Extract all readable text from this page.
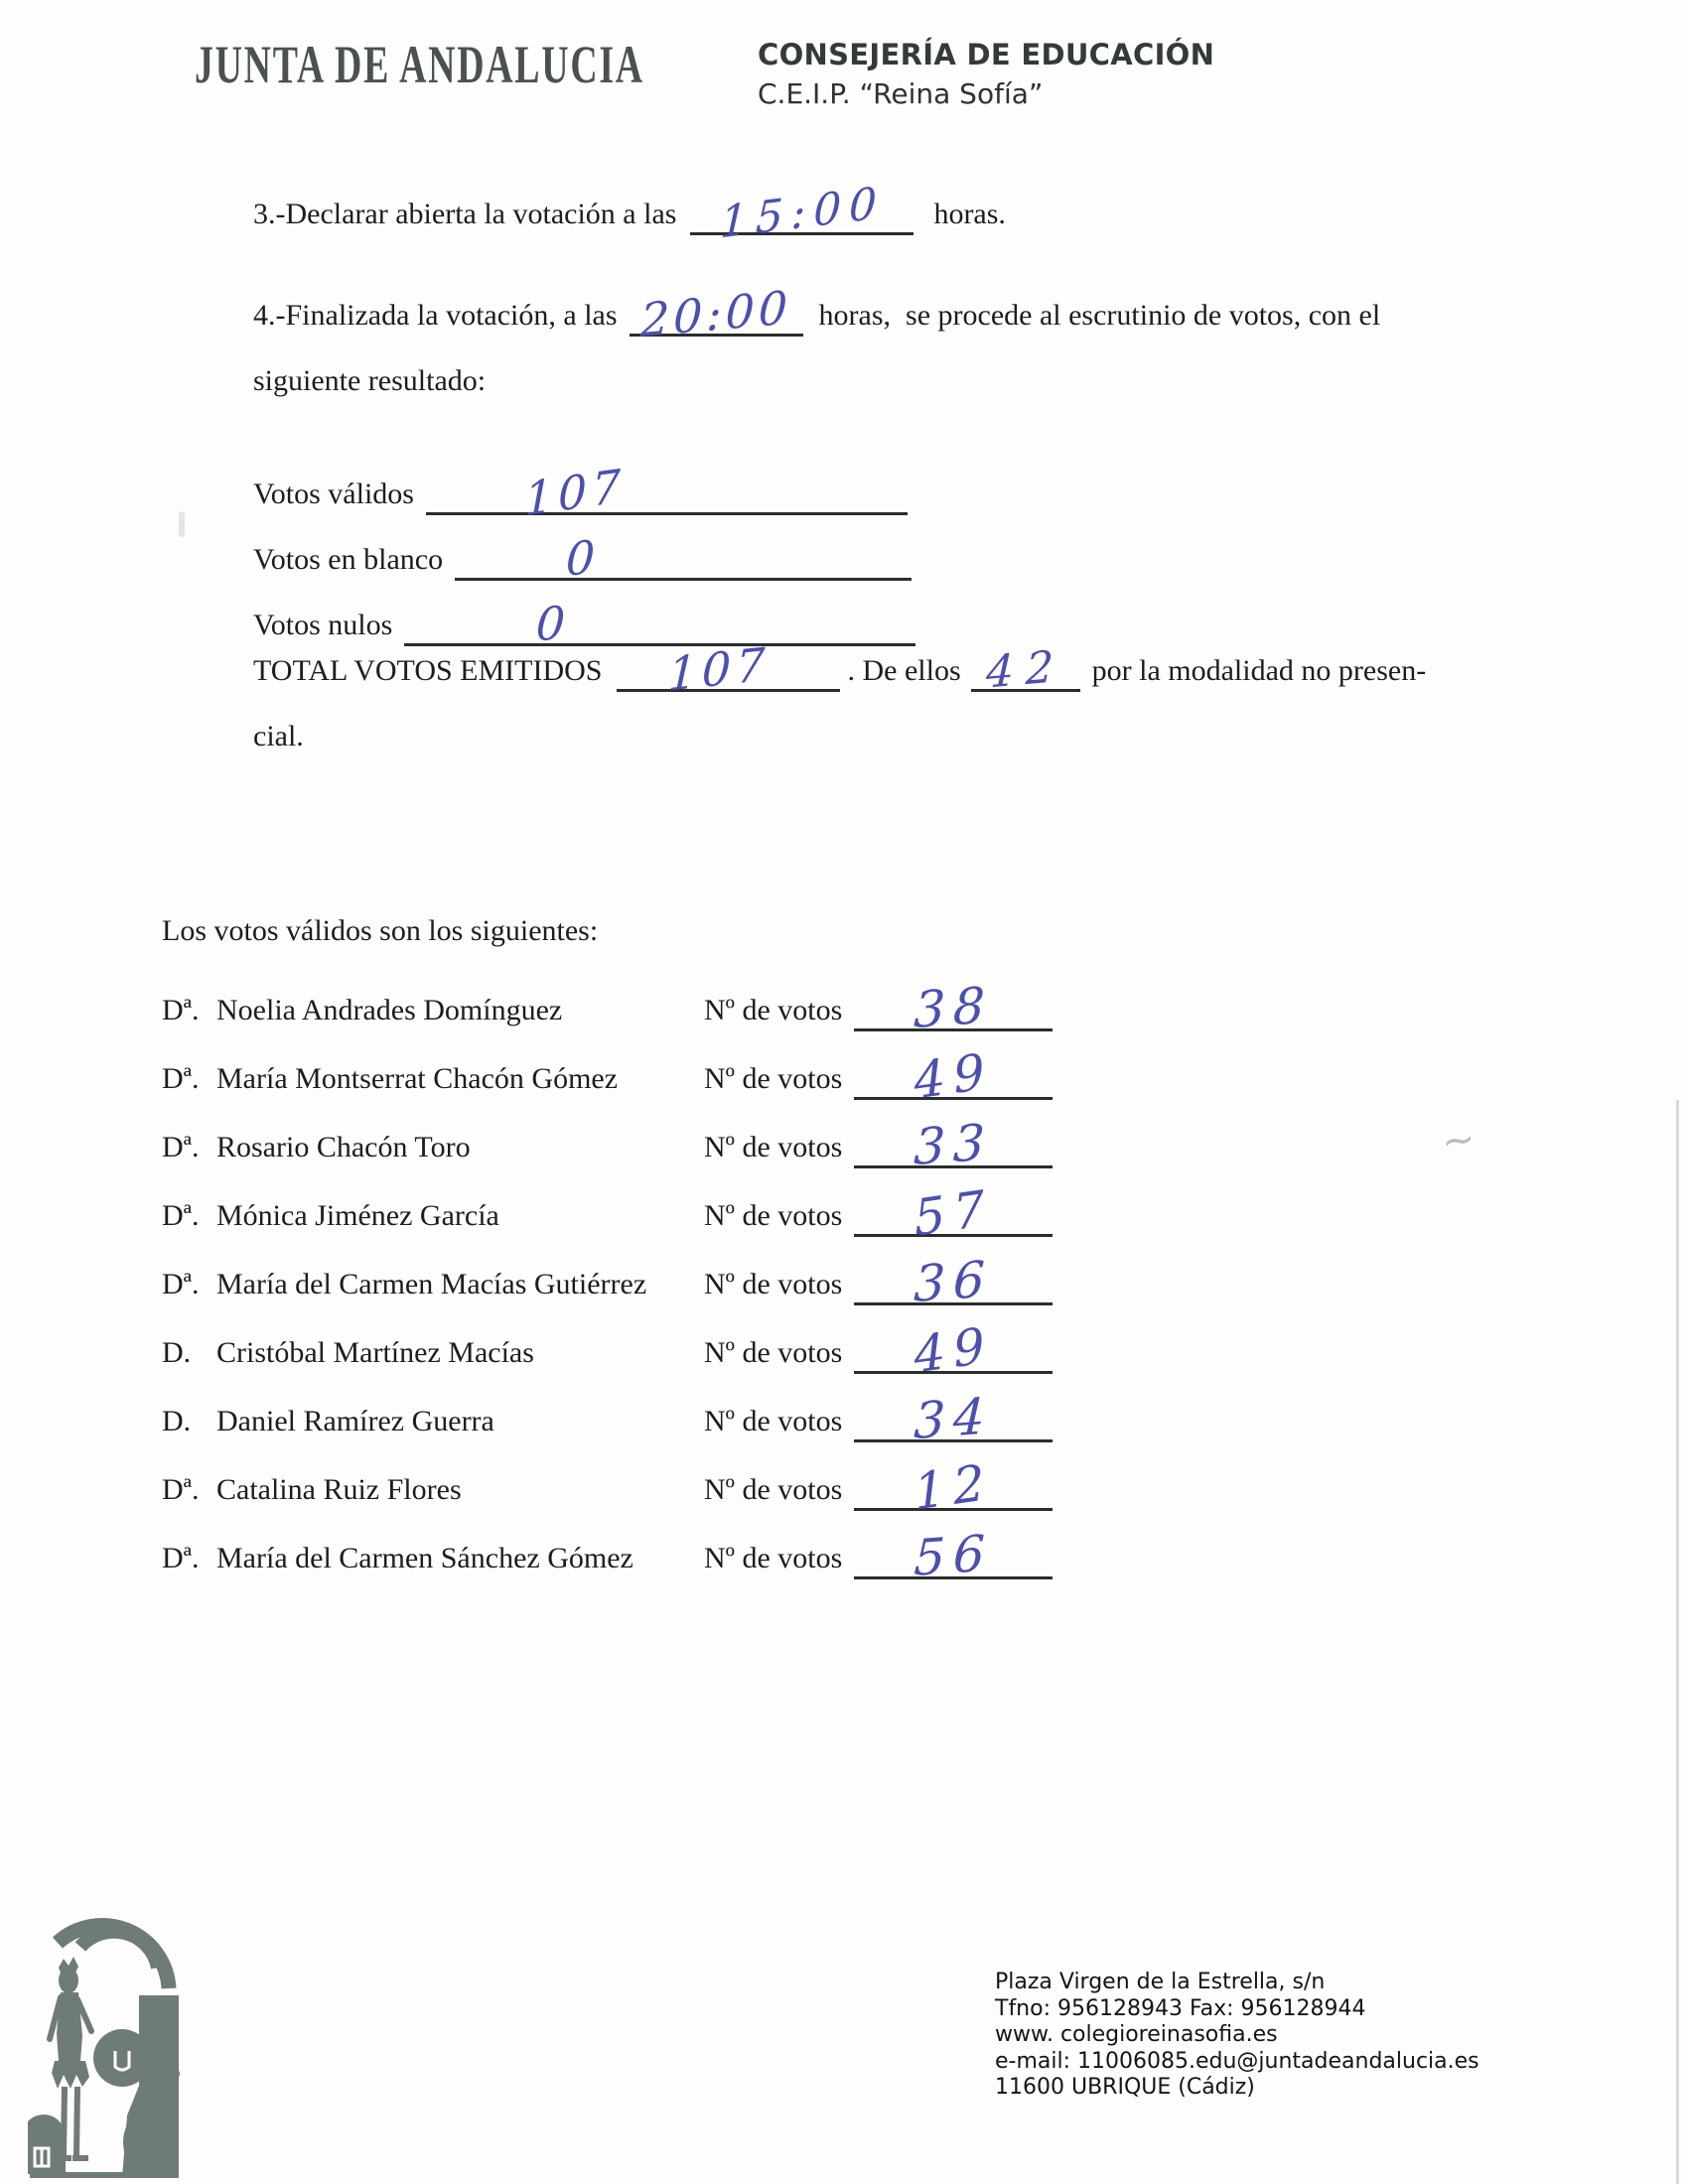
JUNTA DE ANDALUCIA	CONSEJERÍA DE EDUCACIÓN
C.E.I.P. “Reina Sofía”
3.-Declarar abierta la votación a las 15:00 horas.
4.-Finalizada la votación, a las 20:00 horas,  se procede al escrutinio de votos, con el
siguiente resultado:
Votos válidos 107
Votos en blanco	0
Votos nulos	0
TOTAL VOTOS EMITIDOS 107	. De ellos 42 por la modalidad no presen-
cial.
Los votos válidos son los siguientes:
Dª. Noelia Andrades Domínguez	Nº de votos 38
Dª. María Montserrat Chacón Gómez	Nº de votos 49
Dª. Rosario Chacón Toro	Nº de votos 33
Dª. Mónica Jiménez García	Nº de votos 57
Dª. María del Carmen Macías Gutiérrez	Nº de votos 36
D. Cristóbal Martínez Macías	Nº de votos 49
D. Daniel Ramírez Guerra	Nº de votos 34
Dª. Catalina Ruiz Flores	Nº de votos 12
Dª. María del Carmen Sánchez Gómez	Nº de votos 56
Plaza Virgen de la Estrella, s/n
Tfno: 956128943 Fax: 956128944
www. colegioreinasofia.es
e-mail: 11006085.edu@juntadeandalucia.es
11600 UBRIQUE (Cádiz)
~
